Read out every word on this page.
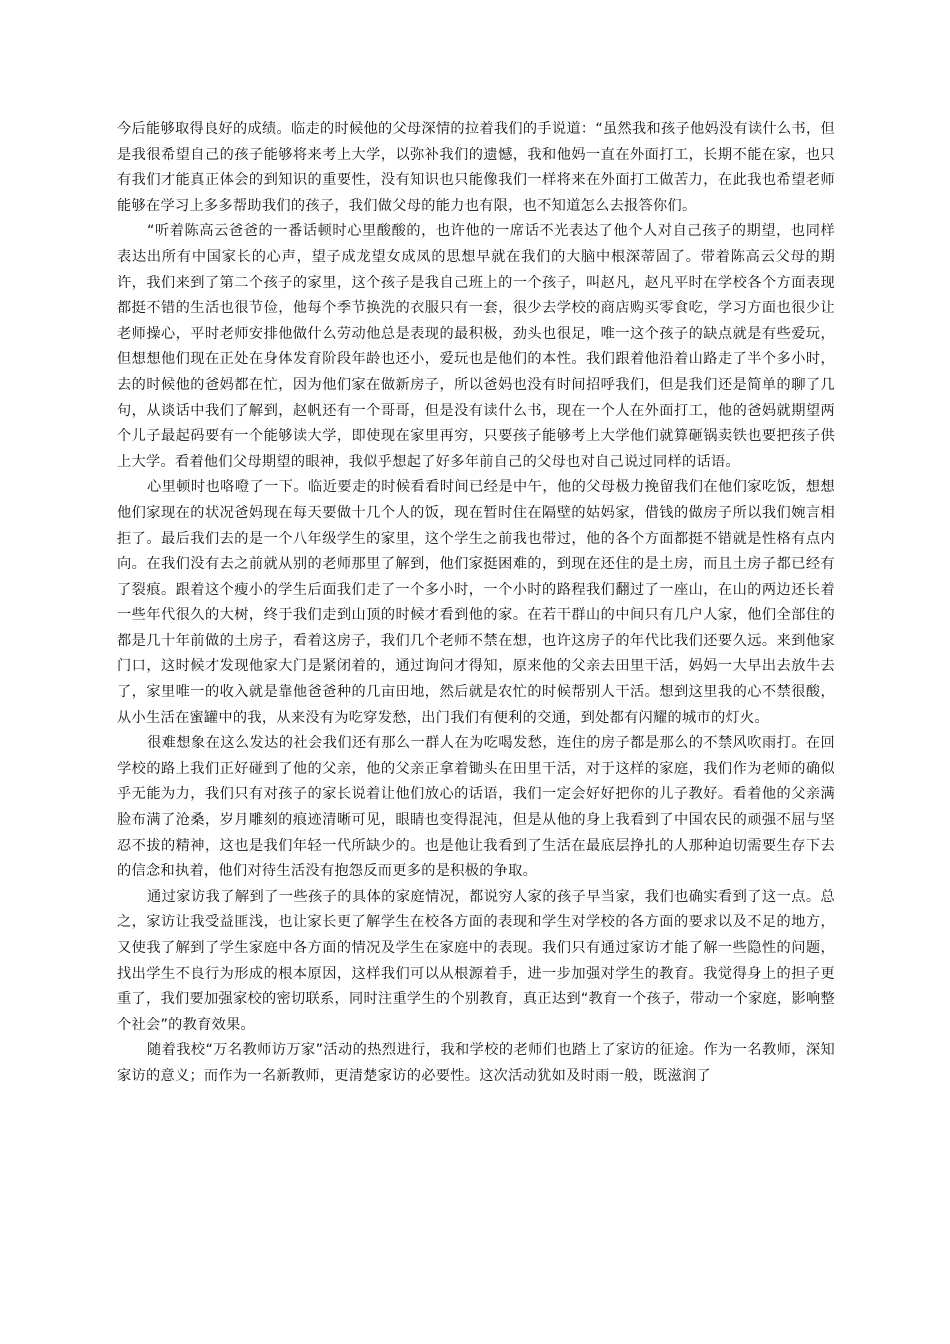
今后能够取得良好的成绩。临走的时候他的父母深情的拉着我们的手说道：“虽然我和孩子他妈没有读什么书，但是我很希望自己的孩子能够将来考上大学，以弥补我们的遗憾，我和他妈一直在外面打工，长期不能在家，也只有我们才能真正体会的到知识的重要性，没有知识也只能像我们一样将来在外面打工做苦力，在此我也希望老师能够在学习上多多帮助我们的孩子，我们做父母的能力也有限，也不知道怎么去报答你们。

“听着陈高云爸爸的一番话顿时心里酸酸的，也许他的一席话不光表达了他个人对自己孩子的期望，也同样表达出所有中国家长的心声，望子成龙望女成凤的思想早就在我们的大脑中根深蒂固了。带着陈高云父母的期许，我们来到了第二个孩子的家里，这个孩子是我自己班上的一个孩子，叫赵凡，赵凡平时在学校各个方面表现都挺不错的生活也很节俭，他每个季节换洗的衣服只有一套，很少去学校的商店购买零食吃，学习方面也很少让老师操心，平时老师安排他做什么劳动他总是表现的最积极，劲头也很足，唯一这个孩子的缺点就是有些爱玩，但想想他们现在正处在身体发育阶段年龄也还小，爱玩也是他们的本性。我们跟着他沿着山路走了半个多小时，去的时候他的爸妈都在忙，因为他们家在做新房子，所以爸妈也没有时间招呼我们，但是我们还是简单的聊了几句，从谈话中我们了解到，赵帆还有一个哥哥，但是没有读什么书，现在一个人在外面打工，他的爸妈就期望两个儿子最起码要有一个能够读大学，即使现在家里再穷，只要孩子能够考上大学他们就算砸锅卖铁也要把孩子供上大学。看着他们父母期望的眼神，我似乎想起了好多年前自己的父母也对自己说过同样的话语。

心里顿时也咯噔了一下。临近要走的时候看看时间已经是中午，他的父母极力挽留我们在他们家吃饭，想想他们家现在的状况爸妈现在每天要做十几个人的饭，现在暂时住在隔壁的姑妈家，借钱的做房子所以我们婉言相拒了。最后我们去的是一个八年级学生的家里，这个学生之前我也带过，他的各个方面都挺不错就是性格有点内向。在我们没有去之前就从别的老师那里了解到，他们家挺困难的，到现在还住的是土房，而且土房子都已经有了裂痕。跟着这个瘦小的学生后面我们走了一个多小时，一个小时的路程我们翻过了一座山，在山的两边还长着一些年代很久的大树，终于我们走到山顶的时候才看到他的家。在若干群山的中间只有几户人家，他们全部住的都是几十年前做的土房子，看着这房子，我们几个老师不禁在想，也许这房子的年代比我们还要久远。来到他家门口，这时候才发现他家大门是紧闭着的，通过询问才得知，原来他的父亲去田里干活，妈妈一大早出去放牛去了，家里唯一的收入就是靠他爸爸种的几亩田地，然后就是农忙的时候帮别人干活。想到这里我的心不禁很酸，从小生活在蜜罐中的我，从来没有为吃穿发愁，出门我们有便利的交通，到处都有闪耀的城市的灯火。

很难想象在这么发达的社会我们还有那么一群人在为吃喝发愁，连住的房子都是那么的不禁风吹雨打。在回学校的路上我们正好碰到了他的父亲，他的父亲正拿着锄头在田里干活，对于这样的家庭，我们作为老师的确似乎无能为力，我们只有对孩子的家长说着让他们放心的话语，我们一定会好好把你的儿子教好。看着他的父亲满脸布满了沧桑，岁月雕刻的痕迹清晰可见，眼睛也变得混沌，但是从他的身上我看到了中国农民的顽强不屈与坚忍不拔的精神，这也是我们年轻一代所缺少的。也是他让我看到了生活在最底层挣扎的人那种迫切需要生存下去的信念和执着，他们对待生活没有抱怨反而更多的是积极的争取。

通过家访我了解到了一些孩子的具体的家庭情况，都说穷人家的孩子早当家，我们也确实看到了这一点。总之，家访让我受益匪浅，也让家长更了解学生在校各方面的表现和学生对学校的各方面的要求以及不足的地方，又使我了解到了学生家庭中各方面的情况及学生在家庭中的表现。我们只有通过家访才能了解一些隐性的问题，找出学生不良行为形成的根本原因，这样我们可以从根源着手，进一步加强对学生的教育。我觉得身上的担子更重了，我们要加强家校的密切联系，同时注重学生的个别教育，真正达到“教育一个孩子，带动一个家庭，影响整个社会”的教育效果。

随着我校“万名教师访万家”活动的热烈进行，我和学校的老师们也踏上了家访的征途。作为一名教师，深知家访的意义；而作为一名新教师，更清楚家访的必要性。这次活动犹如及时雨一般，既滋润了
